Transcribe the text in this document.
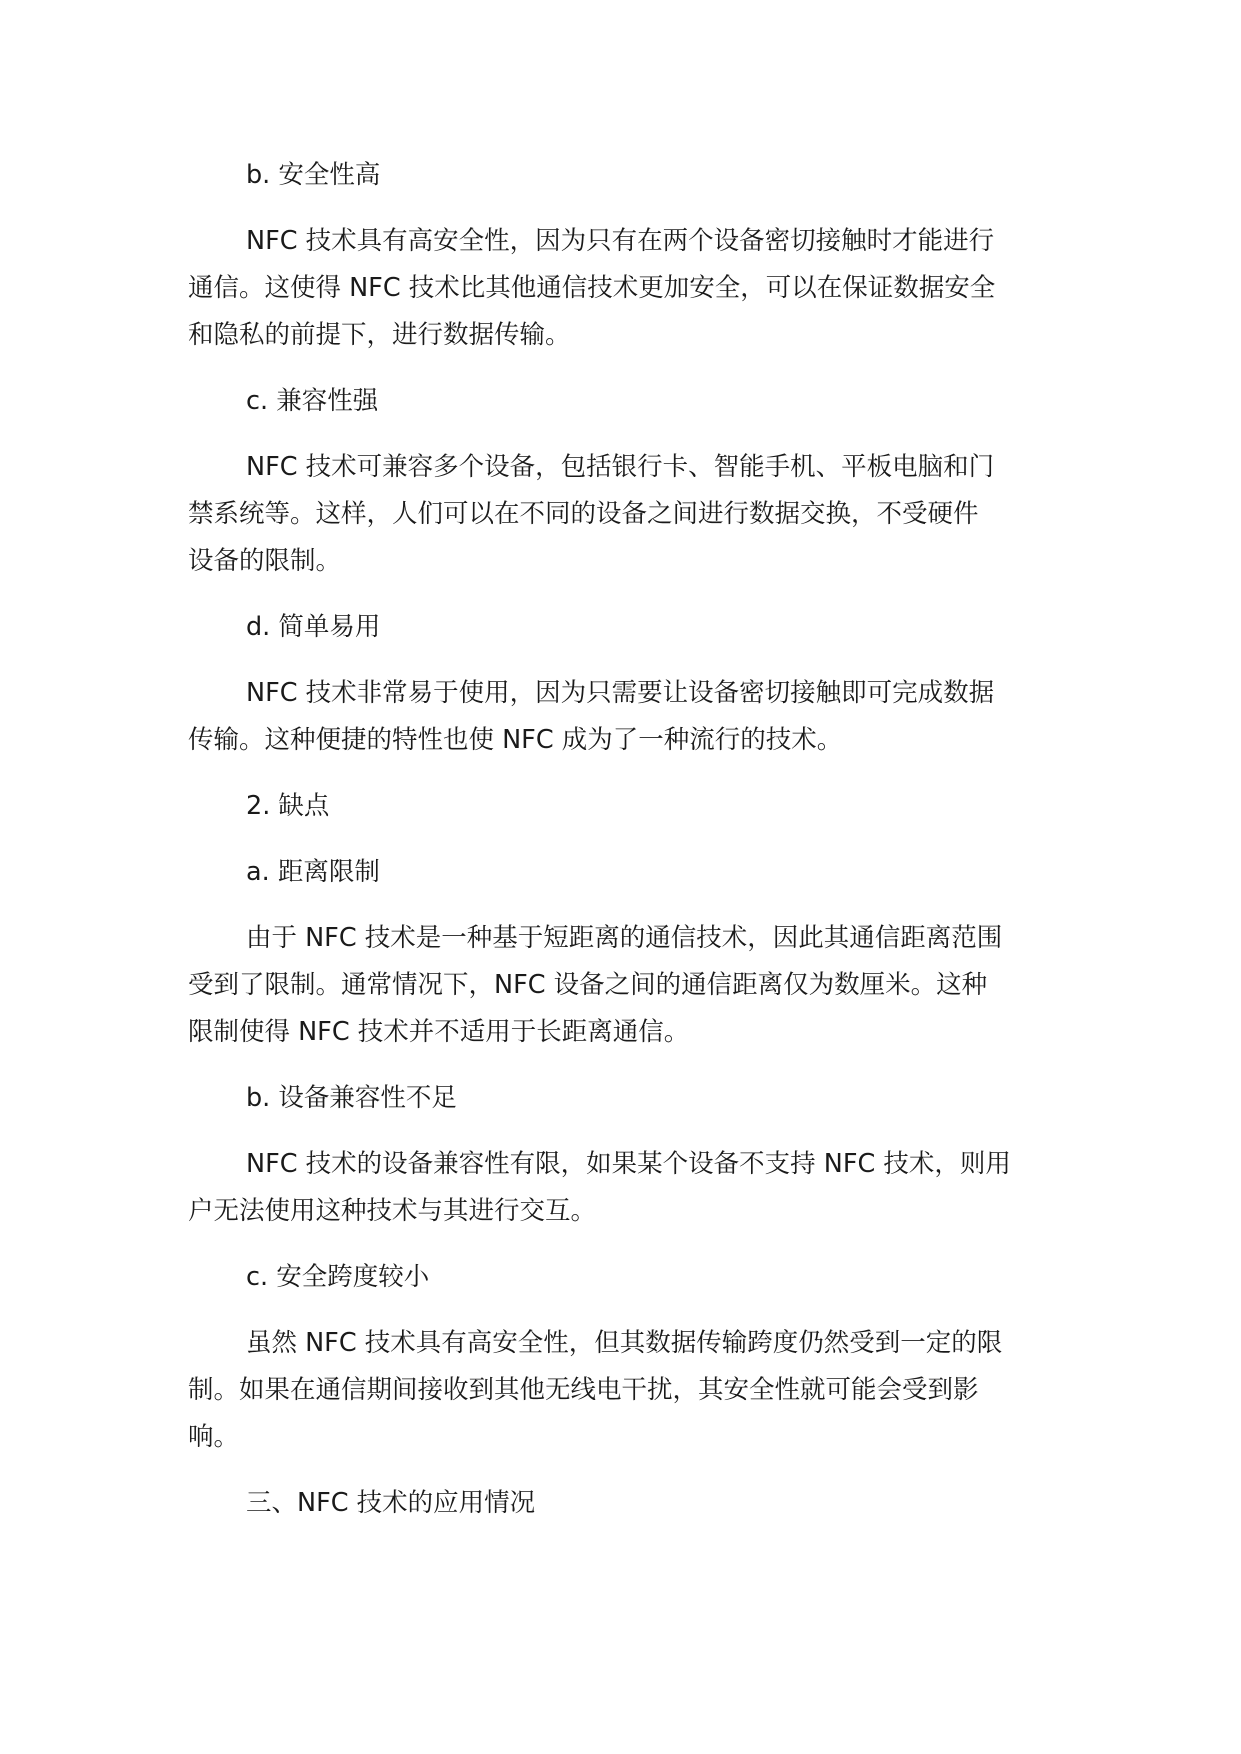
b. 安全性高

NFC 技术具有高安全性，因为只有在两个设备密切接触时才能进行

通信。这使得 NFC 技术比其他通信技术更加安全，可以在保证数据安全

和隐私的前提下，进行数据传输。

c. 兼容性强

NFC 技术可兼容多个设备，包括银行卡、智能手机、平板电脑和门

禁系统等。这样，人们可以在不同的设备之间进行数据交换，不受硬件

设备的限制。

d. 简单易用

NFC 技术非常易于使用，因为只需要让设备密切接触即可完成数据

传输。这种便捷的特性也使 NFC 成为了一种流行的技术。

2. 缺点

a. 距离限制

由于 NFC 技术是一种基于短距离的通信技术，因此其通信距离范围

受到了限制。通常情况下，NFC 设备之间的通信距离仅为数厘米。这种

限制使得 NFC 技术并不适用于长距离通信。

b. 设备兼容性不足

NFC 技术的设备兼容性有限，如果某个设备不支持 NFC 技术，则用

户无法使用这种技术与其进行交互。

c. 安全跨度较小

虽然 NFC 技术具有高安全性，但其数据传输跨度仍然受到一定的限

制。如果在通信期间接收到其他无线电干扰，其安全性就可能会受到影

响。

三、NFC 技术的应用情况
